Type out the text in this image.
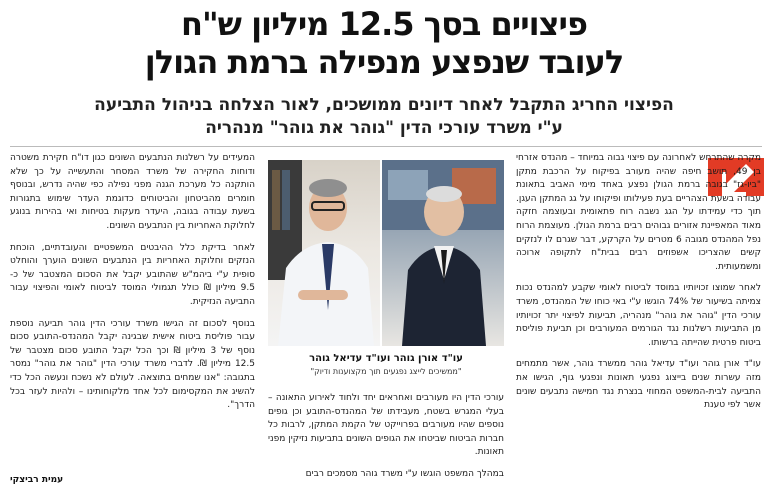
פיצויים בסך 12.5 מיליון ש"ח
לעובד שנפצע מנפילה ברמת הגולן
הפיצוי החריג התקבל לאחר דיונים ממושכים, לאור הצלחה בניהול התביעה
ע"י משרד עורכי הדין "גוהר את גוהר" מנהריה

מקרה שהתרחש לאחרונה עם פיצוי גבוה במיוחד – מהנדס אזרחי בן 49, תושב חיפה שהיה מעורב בפיקוח על הרכבת מתקן "ביו-גז" בגובה ברמת הגולן נפצע באחד מימי האביב בתאונת עבודה בשעת הצהריים בעת פעילותו ופיקוחו על גג המתקן העגן. תוך כדי עמידתו על הגג נשבה רוח פתאומית ובעוצמה חזקה מאוד המאפיינת אזורים גבוהים רבים ברמת הגולן. מעוצמת הרוח נפל המהנדס מגובה 6 מטרים על הקרקע, דבר שגרם לו לנזקים קשים שהצריכו אשפוזים רבים בבית"ח לתקופה ארוכה ומשמעותית.

לאחר שמוצו זכויותיו במוסד לביטוח לאומי שקבע למהנדס נכות צמיתה בשיעור של 74% הוגשו ע"י באי כוחו של המהנדס, משרד עורכי הדין "גוהר את גוהר" מנהריה, תביעות לפיצוי יתר זכויותיו מן התביעות רשלנות נגד הגורמים המעורבים וכן תביעת פוליסת ביטוח פרטית שהייתה ברשותו.

עו"ד אורן גוהר ועו"ד עדיאל גוהר ממשרד גוהר, אשר מתמחים מזה עשרות שנים בייצוג נפגעי תאונות ונפגעי גוף, הגישו את התביעה לבית-המשפט המחוזי בנצרת נגד חמישה נתבעים שונים אשר לפי טענת

עו"ד אורן גוהר ועו"ד עדיאל גוהר
"ממשיכים לייצג נפגעים תוך מקצוענות ודיוק"

עורכי הדין היו מעורבים ואחראים יחד ולחוד לאירוע התאונה – בעלי המגרש בשטח, מעבידתו של המהנדס-התובע וכן גופים נוספים שהיו מעורבים בפרוייקט של הקמת המתקן, לרבות כל חברות הביטוח שביטחו את הגופים השונים בתביעות נזיקין מפני תאונות.

במהלך המשפט הוגשו ע"י משרד גוהר מסמכים רבים

המעידים על רשלנות הנתבעים השונים כגון דו"ח חקירת משטרה ודוחות החקירה של משרד המסחר והתעשייה על כך שלא הותקנה כל מערכת הגנה מפני נפילה כפי שהיה נדרש, ובנוסף חומרים מהביטחון והביטוחים כדוגמת העדר שימוש בתגורות בשעת עבודה בגובה, היעדר מעקות בטיחות ואי בהירות בנוגע לחלוקת האחריות בין הנתבעים השונים.

לאחר בדיקת כלל ההיבטים המשפטיים והעובדתיים, הוכחת הנזקים וחלוקת האחריות בין הנתבעים השונים הוערך והוחלט סופית ע"י ביהמ"ש שהתובע יקבל את הסכום המצטבר של כ- 9.5 מיליון ₪ כולל תגמולי המוסד לביטוח לאומי והפיצוי עבור התביעה הנזיקית.

בנוסף לסכום זה הגישו משרד עורכי הדין גוהר תביעה נוספת עבור פוליסת ביטוח אישית שבגינה יקבל המהנדס-התובע סכום נוסף של 3 מיליון ₪ וכך הכל יקבל התובע סכום מצטבר של 12.5 מיליון ₪. לדברי משרד עורכי הדין "גוהר את גוהר" נמסר בתגובה: "אנו שמחים בתוצאה. לעולם לא נשכח ונעשה הכל כדי להשיג את המקסימום לכל אחד מלקוחותינו – ולהיות לעזר בכל הדרך".

עמית רביצקי
